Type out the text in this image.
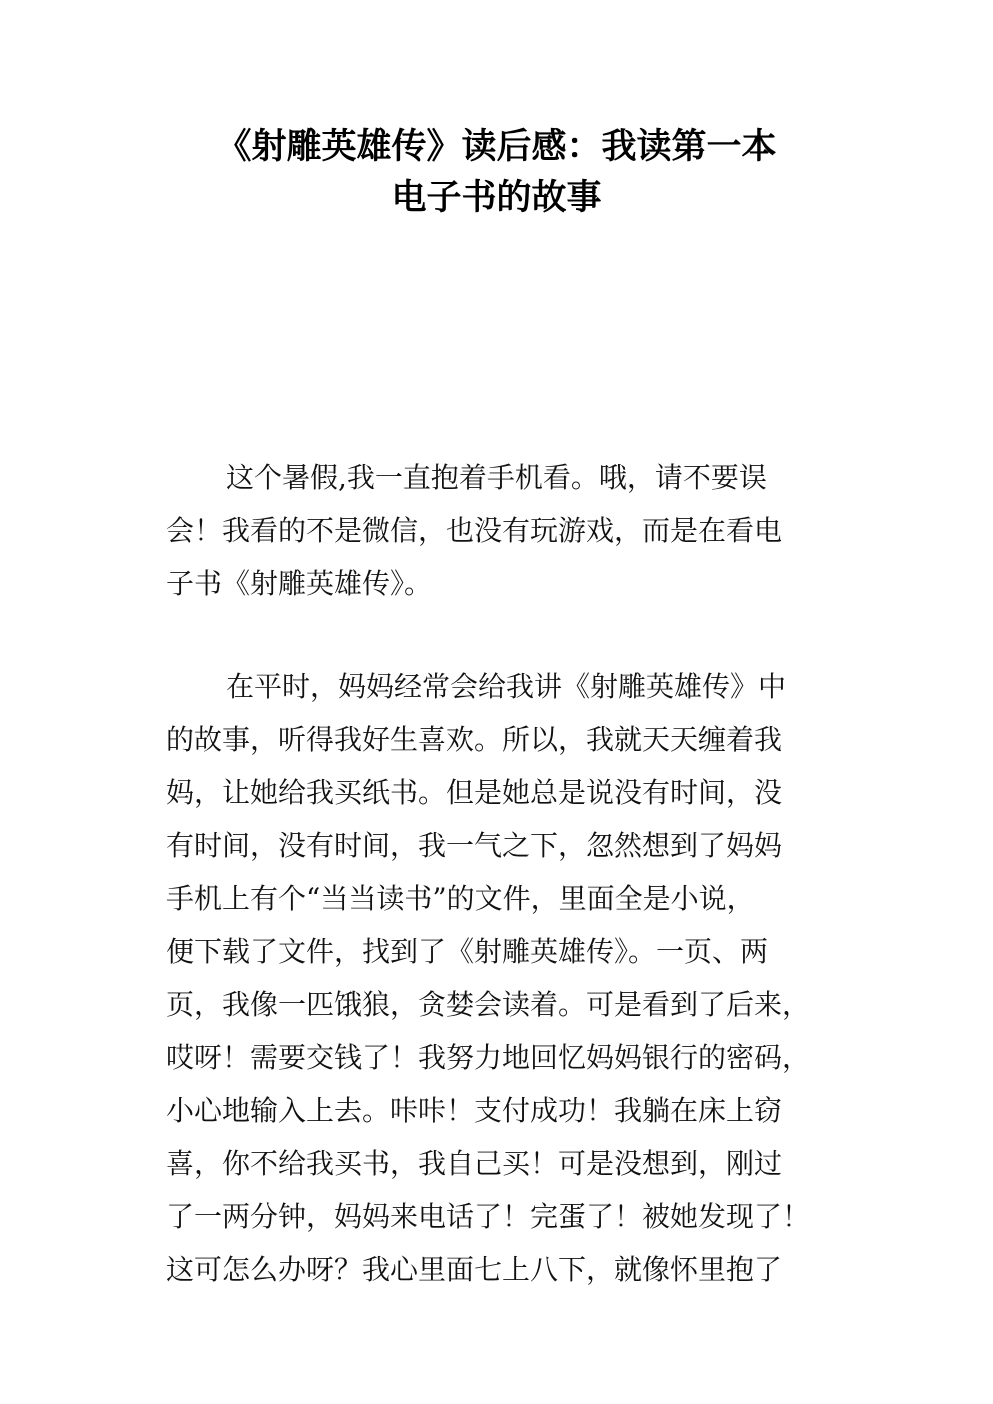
《射雕英雄传》读后感：我读第一本
电子书的故事
这个暑假,我一直抱着手机看。哦，请不要误
会！我看的不是微信，也没有玩游戏，而是在看电
子书《射雕英雄传》。
在平时，妈妈经常会给我讲《射雕英雄传》中
的故事，听得我好生喜欢。所以，我就天天缠着我
妈，让她给我买纸书。但是她总是说没有时间，没
有时间，没有时间，我一气之下，忽然想到了妈妈
手机上有个“当当读书”的文件，里面全是小说，
便下载了文件，找到了《射雕英雄传》。一页、两
页，我像一匹饿狼，贪婪会读着。可是看到了后来，
哎呀！需要交钱了！我努力地回忆妈妈银行的密码，
小心地输入上去。咔咔！支付成功！我躺在床上窃
喜，你不给我买书，我自己买！可是没想到，刚过
了一两分钟，妈妈来电话了！完蛋了！被她发现了！
这可怎么办呀？我心里面七上八下，就像怀里抱了
